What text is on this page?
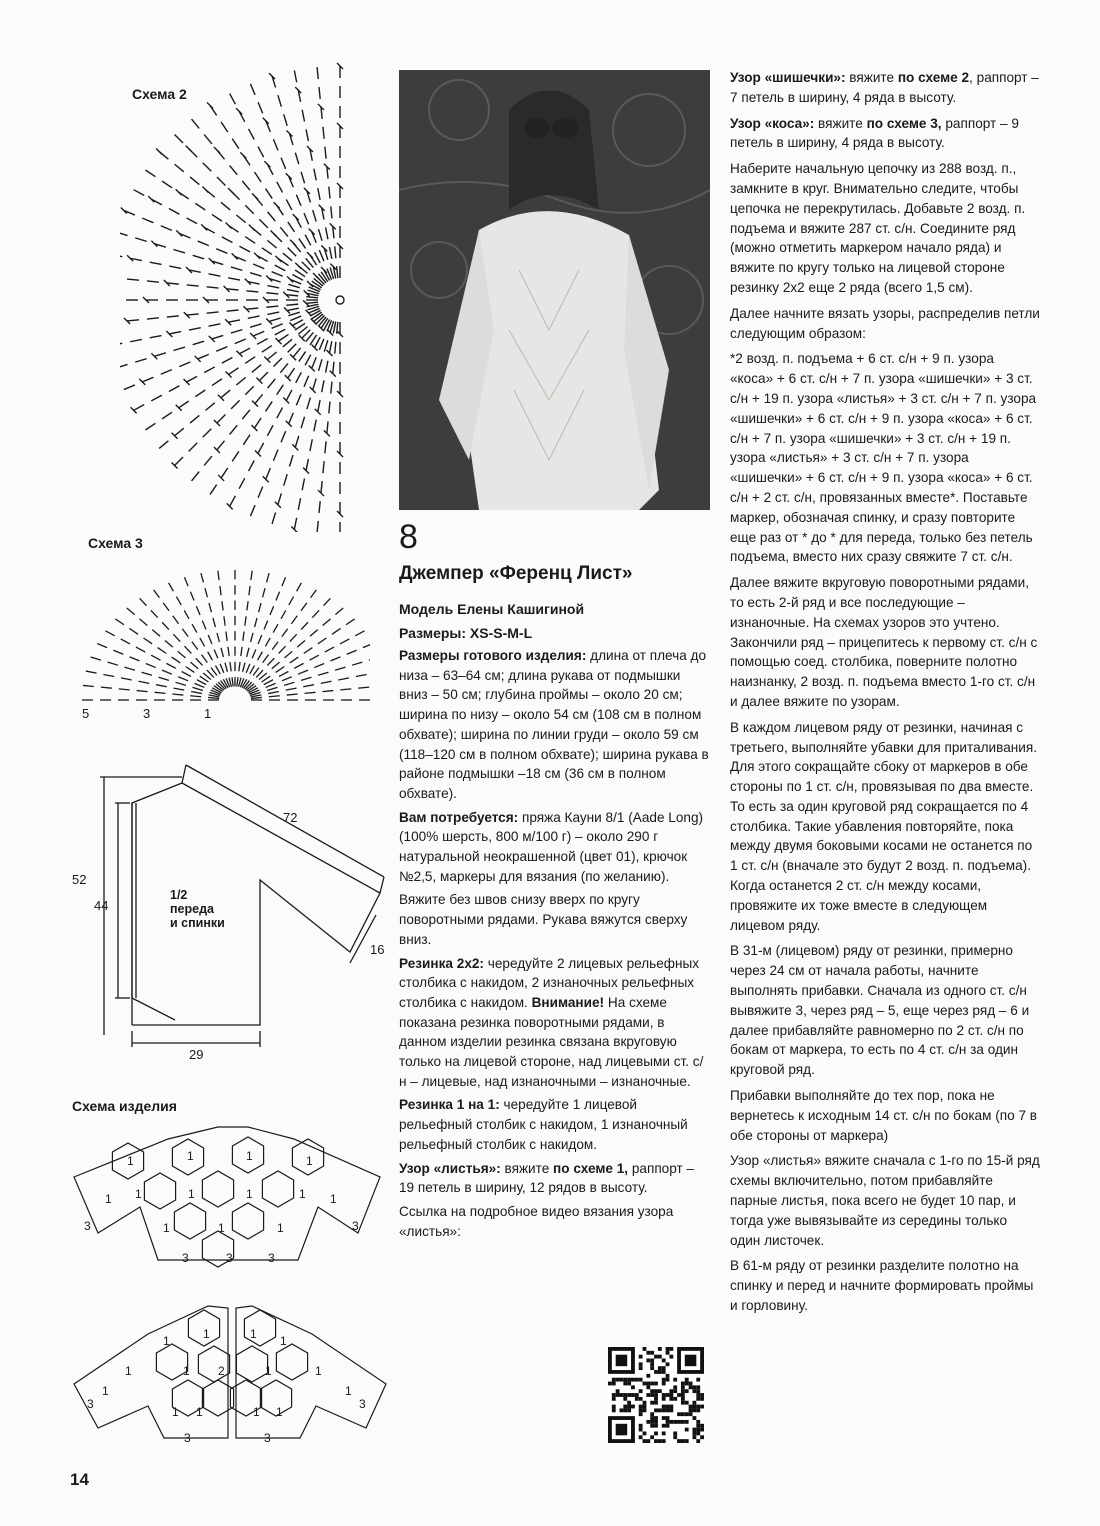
Схема 2
Схема 3
5	3	1
72
52
44
16
29
1/2
переда
и спинки
Схема изделия
1	1	1	1
1 1	1	1	1 1
1	1	1
3	3
3	3	3
1	1
1	1
1	1 2	1	1
1	1
1 1	1 1
3	3
3	3
8
Джемпер «Ференц Лист»
Модель Елены Кашигиной
Размеры: XS-S-M-L

Размеры готового изделия: длина от плеча до низа – 63–64 см; длина рукава от подмышки вниз – 50 см; глубина проймы – около 20 см; ширина по низу – около 54 см (108 см в полном обхвате); ширина по линии груди – около 59 см (118–120 см в полном обхвате); ширина рукава в районе подмышки –18 см (36 см в полном обхвате).

Вам потребуется: пряжа Кауни 8/1 (Aade Long) (100% шерсть, 800 м/100 г) – около 290 г натуральной неокрашенной (цвет 01), крючок №2,5, маркеры для вязания (по желанию).

Вяжите без швов снизу вверх по кругу поворотными рядами. Рукава вяжутся сверху вниз.

Резинка 2х2: чередуйте 2 лицевых рельефных столбика с накидом, 2 изнаночных рельефных столбика с накидом. Внимание! На схеме показана резинка поворотными рядами, в данном изделии резинка связана вкруговую только на лицевой стороне, над лицевыми ст. с/н – лицевые, над изнаночными – изнаночные.

Резинка 1 на 1: чередуйте 1 лицевой рельефный столбик с накидом, 1 изнаночный рельефный столбик с накидом.

Узор «листья»: вяжите по схеме 1, раппорт – 19 петель в ширину, 12 рядов в высоту.

Ссылка на подробное видео вязания узора «листья»:

Узор «шишечки»: вяжите по схеме 2, раппорт – 7 петель в ширину, 4 ряда в высоту.

Узор «коса»: вяжите по схеме 3, раппорт – 9 петель в ширину, 4 ряда в высоту.

Наберите начальную цепочку из 288 возд. п., замкните в круг. Внимательно следите, чтобы цепочка не перекрутилась. Добавьте 2 возд. п. подъема и вяжите 287 ст. с/н. Соедините ряд (можно отметить маркером начало ряда) и вяжите по кругу только на лицевой стороне резинку 2х2 еще 2 ряда (всего 1,5 см).

Далее начните вязать узоры, распределив петли следующим образом:

*2 возд. п. подъема + 6 ст. с/н + 9 п. узора «коса» + 6 ст. с/н + 7 п. узора «шишечки» + 3 ст. с/н + 19 п. узора «листья» + 3 ст. с/н + 7 п. узора «шишечки» + 6 ст. с/н + 9 п. узора «коса» + 6 ст. с/н + 7 п. узора «шишечки» + 3 ст. с/н + 19 п. узора «листья» + 3 ст. с/н + 7 п. узора «шишечки» + 6 ст. с/н + 9 п. узора «коса» + 6 ст. с/н + 2 ст. с/н, провязанных вместе*. Поставьте маркер, обозначая спинку, и сразу повторите еще раз от * до * для переда, только без петель подъема, вместо них сразу свяжите 7 ст. с/н.

Далее вяжите вкруговую поворотными рядами, то есть 2-й ряд и все последующие – изнаночные. На схемах узоров это учтено. Закончили ряд – прицепитесь к первому ст. с/н с помощью соед. столбика, поверните полотно наизнанку, 2 возд. п. подъема вместо 1-го ст. с/н и далее вяжите по узорам.

В каждом лицевом ряду от резинки, начиная с третьего, выполняйте убавки для приталивания. Для этого сокращайте сбоку от маркеров в обе стороны по 1 ст. с/н, провязывая по два вместе. То есть за один круговой ряд сокращается по 4 столбика. Такие убавления повторяйте, пока между двумя боковыми косами не останется по 1 ст. с/н (вначале это будут 2 возд. п. подъема). Когда останется 2 ст. с/н между косами, провяжите их тоже вместе в следующем лицевом ряду.

В 31-м (лицевом) ряду от резинки, примерно через 24 см от начала работы, начните выполнять прибавки. Сначала из одного ст. с/н вывяжите 3, через ряд – 5, еще через ряд – 6 и далее прибавляйте равномерно по 2 ст. с/н по бокам от маркера, то есть по 4 ст. с/н за один круговой ряд.

Прибавки выполняйте до тех пор, пока не вернетесь к исходным 14 ст. с/н по бокам (по 7 в обе стороны от маркера)

Узор «листья» вяжите сначала с 1-го по 15-й ряд схемы включительно, потом прибавляйте парные листья, пока всего не будет 10 пар, и тогда уже вывязывайте из середины только один листочек.

В 61-м ряду от резинки разделите полотно на спинку и перед и начните формировать проймы и горловину.

14
